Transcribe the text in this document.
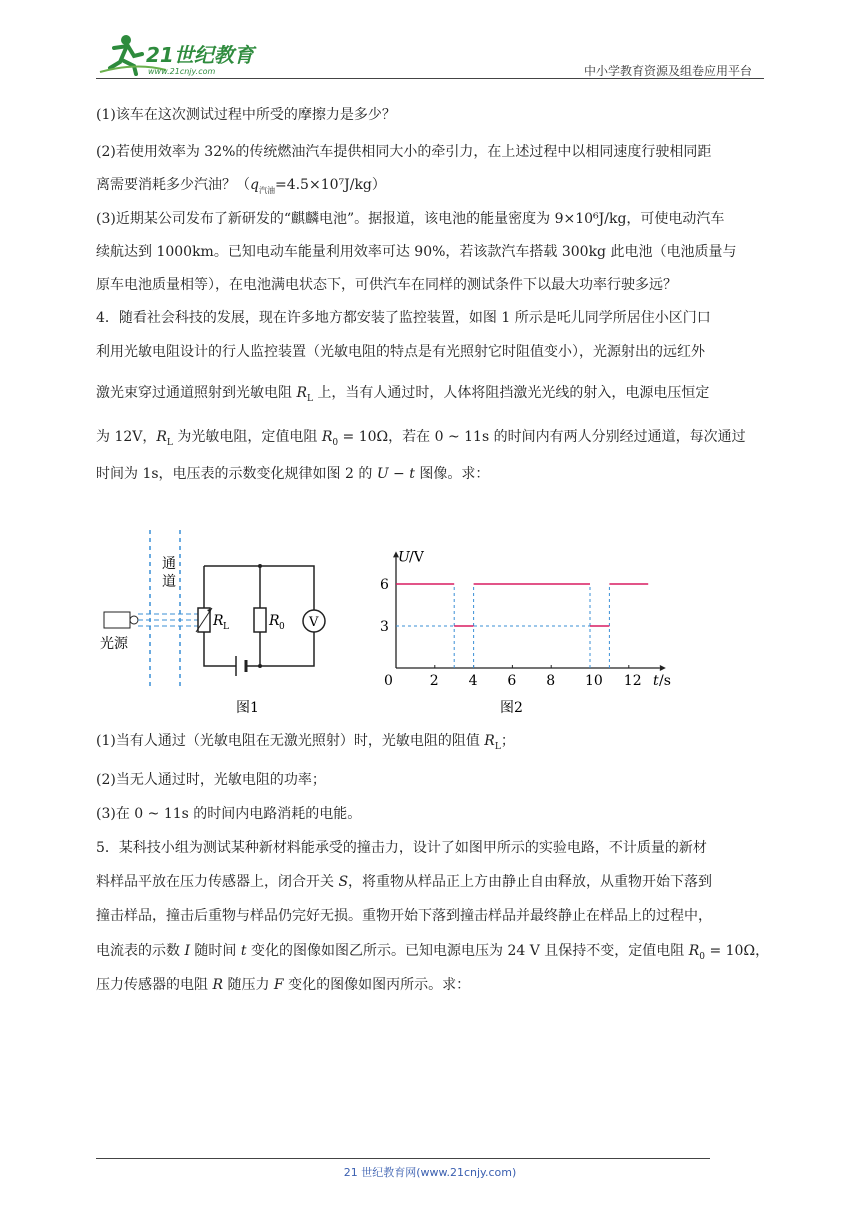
21世纪教育
www.21cnjy.com	中小学教育资源及组卷应用平台
(1)该车在这次测试过程中所受的摩擦力是多少？
(2)若使用效率为 32%的传统燃油汽车提供相同大小的牵引力，在上述过程中以相同速度行驶相同距
离需要消耗多少汽油？$(q_{汽油}=4.5\times 10^7J/kg)$
(3)近期某公司发布了新研发的“麒麟电池”。据报道，该电池的能量密度为 9×10⁶J/kg，可使电动汽车
续航达到 1000km。已知电动车能量利用效率可达 90%，若该款汽车搭载 300kg 此电池（电池质量与
原车电池质量相等），在电池满电状态下，可供汽车在同样的测试条件下以最大功率行驶多远？
4．随看社会科技的发展，现在许多地方都安装了监控装置，如图 1 所示是吒儿同学所居住小区门口
利用光敏电阻设计的行人监控装置（光敏电阻的特点是有光照射它时阻值变小），光源射出的远红外
激光束穿过通道照射到光敏电阻 $R_L$ 上，当有人通过时，人体将阻挡激光光线的射入，电源电压恒定
为 12V，$R_L$ 为光敏电阻，定值电阻 $R_0 = 10\Omega$，若在 0 ~ 11s 的时间内有两人分别经过通道，每次通过
时间为 1s，电压表的示数变化规律如图 2 的 U − t 图像。求：
通
道
光源
R L	R 0 V
图1
2 4 6 8 10 12
3
6
0
U /V
t /s
图2
(1)当有人通过（光敏电阻在无激光照射）时，光敏电阻的阻值 $R_L$；
(2)当无人通过时，光敏电阻的功率；
(3)在 0 ~ 11s 的时间内电路消耗的电能。
5．某科技小组为测试某种新材料能承受的撞击力，设计了如图甲所示的实验电路，不计质量的新材
料样品平放在压力传感器上，闭合开关 S，将重物从样品正上方由静止自由释放，从重物开始下落到
撞击样品，撞击后重物与样品仍完好无损。重物开始下落到撞击样品并最终静止在样品上的过程中，
电流表的示数 I 随时间 t 变化的图像如图乙所示。已知电源电压为 24 V 且保持不变，定值电阻 $R_0 = 10\Omega$，
压力传感器的电阻 R 随压力 F 变化的图像如图丙所示。求：
21 世纪教育网(www.21cnjy.com)
